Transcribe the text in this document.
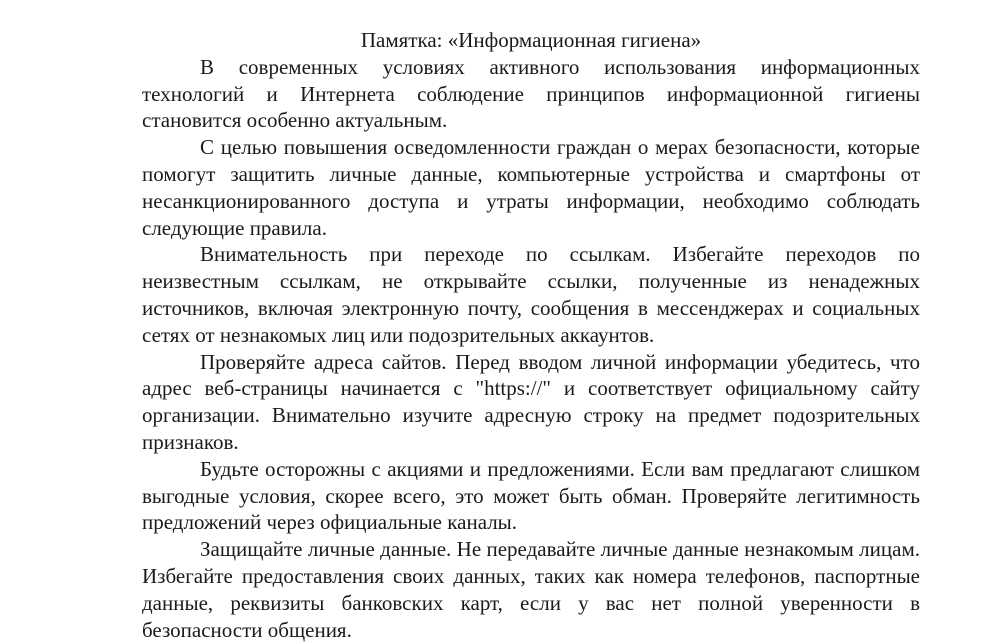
Памятка: «Информационная гигиена»

В современных условиях активного использования информационных технологий и Интернета соблюдение принципов информационной гигиены становится особенно актуальным.

С целью повышения осведомленности граждан о мерах безопасности, которые помогут защитить личные данные, компьютерные устройства и смартфоны от несанкционированного доступа и утраты информации, необходимо соблюдать следующие правила.

Внимательность при переходе по ссылкам. Избегайте переходов по неизвестным ссылкам, не открывайте ссылки, полученные из ненадежных источников, включая электронную почту, сообщения в мессенджерах и социальных сетях от незнакомых лиц или подозрительных аккаунтов.

Проверяйте адреса сайтов. Перед вводом личной информации убедитесь, что адрес веб-страницы начинается с "https://" и соответствует официальному сайту организации. Внимательно изучите адресную строку на предмет подозрительных признаков.

Будьте осторожны с акциями и предложениями. Если вам предлагают слишком выгодные условия, скорее всего, это может быть обман. Проверяйте легитимность предложений через официальные каналы.

Защищайте личные данные. Не передавайте личные данные незнакомым лицам. Избегайте предоставления своих данных, таких как номера телефонов, паспортные данные, реквизиты банковских карт, если у вас нет полной уверенности в безопасности общения.
